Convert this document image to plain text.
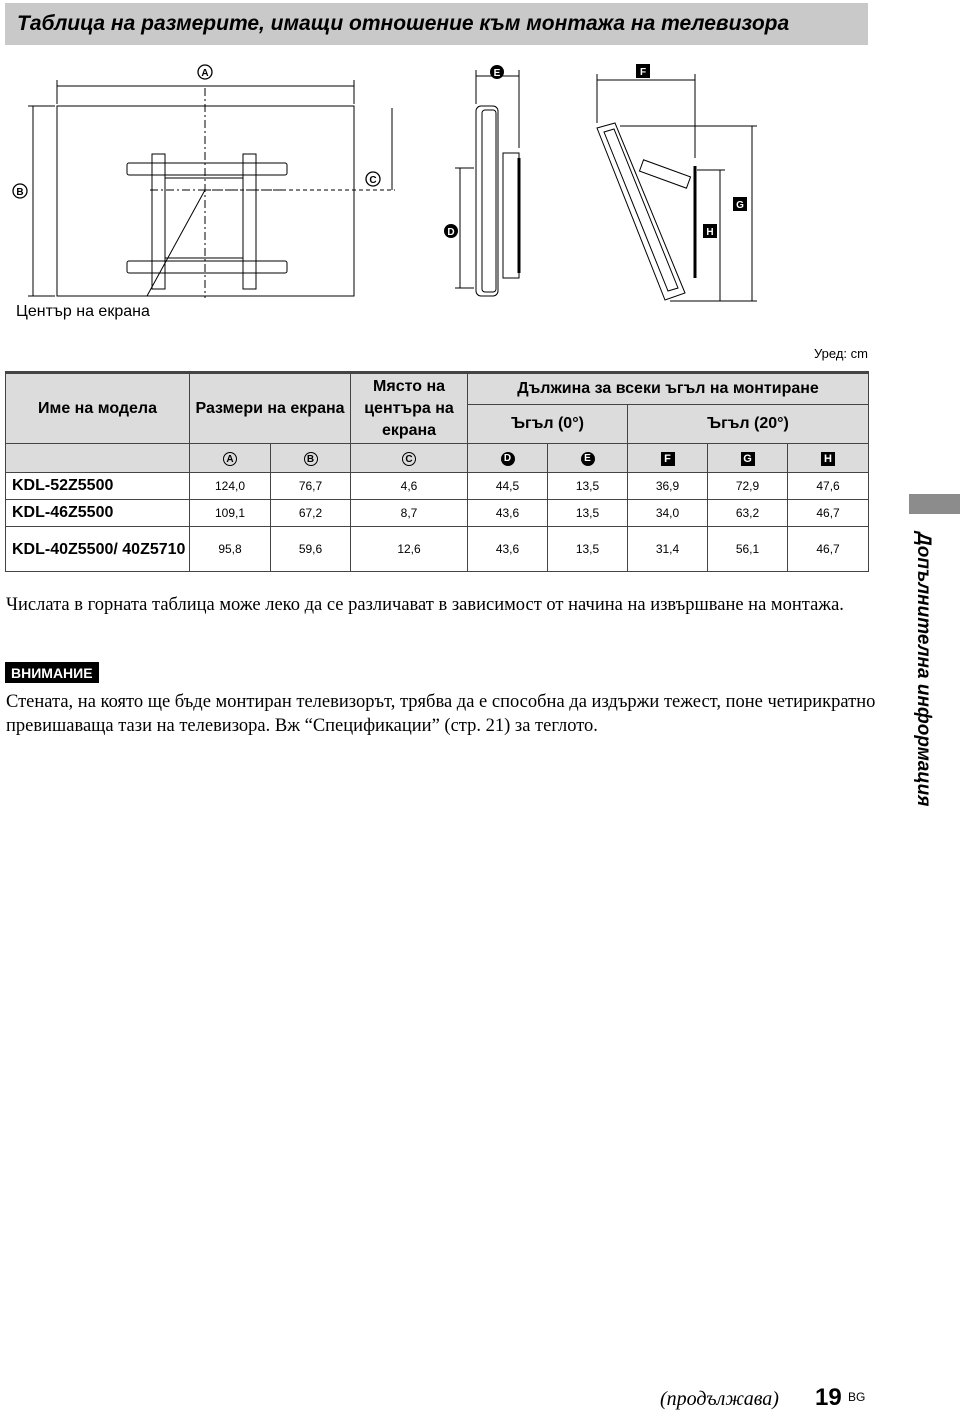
Таблица на размерите, имащи отношение към монтажа на телевизора
A
B
C
D
E	F
G
H
Център на екрана
Уред: cm
Име на модела	Размери на екрана		Място на центъра на екрана	Дължина за всеки ъгъл на монтиране				
				Ъгъл (0°)		Ъгъл (20°)		
	A	B	C	D	E	F	G	H
KDL-52Z5500	124,0	76,7	4,6	44,5	13,5	36,9	72,9	47,6
KDL-46Z5500	109,1	67,2	8,7	43,6	13,5	34,0	63,2	46,7
KDL-40Z5500/ 40Z5710	95,8	59,6	12,6	43,6	13,5	31,4	56,1	46,7
Числата в горната таблица може леко да се различават в зависимост от начина на извършване на монтажа.
ВНИМАНИЕ
Стената, на която ще бъде монтиран телевизорът, трябва да е способна да издържи тежест, поне четирикратно превишаваща тази на телевизора. Вж “Спецификации” (стр. 21) за теглото.	Допълнителна информация
(продължава) 19 BG
